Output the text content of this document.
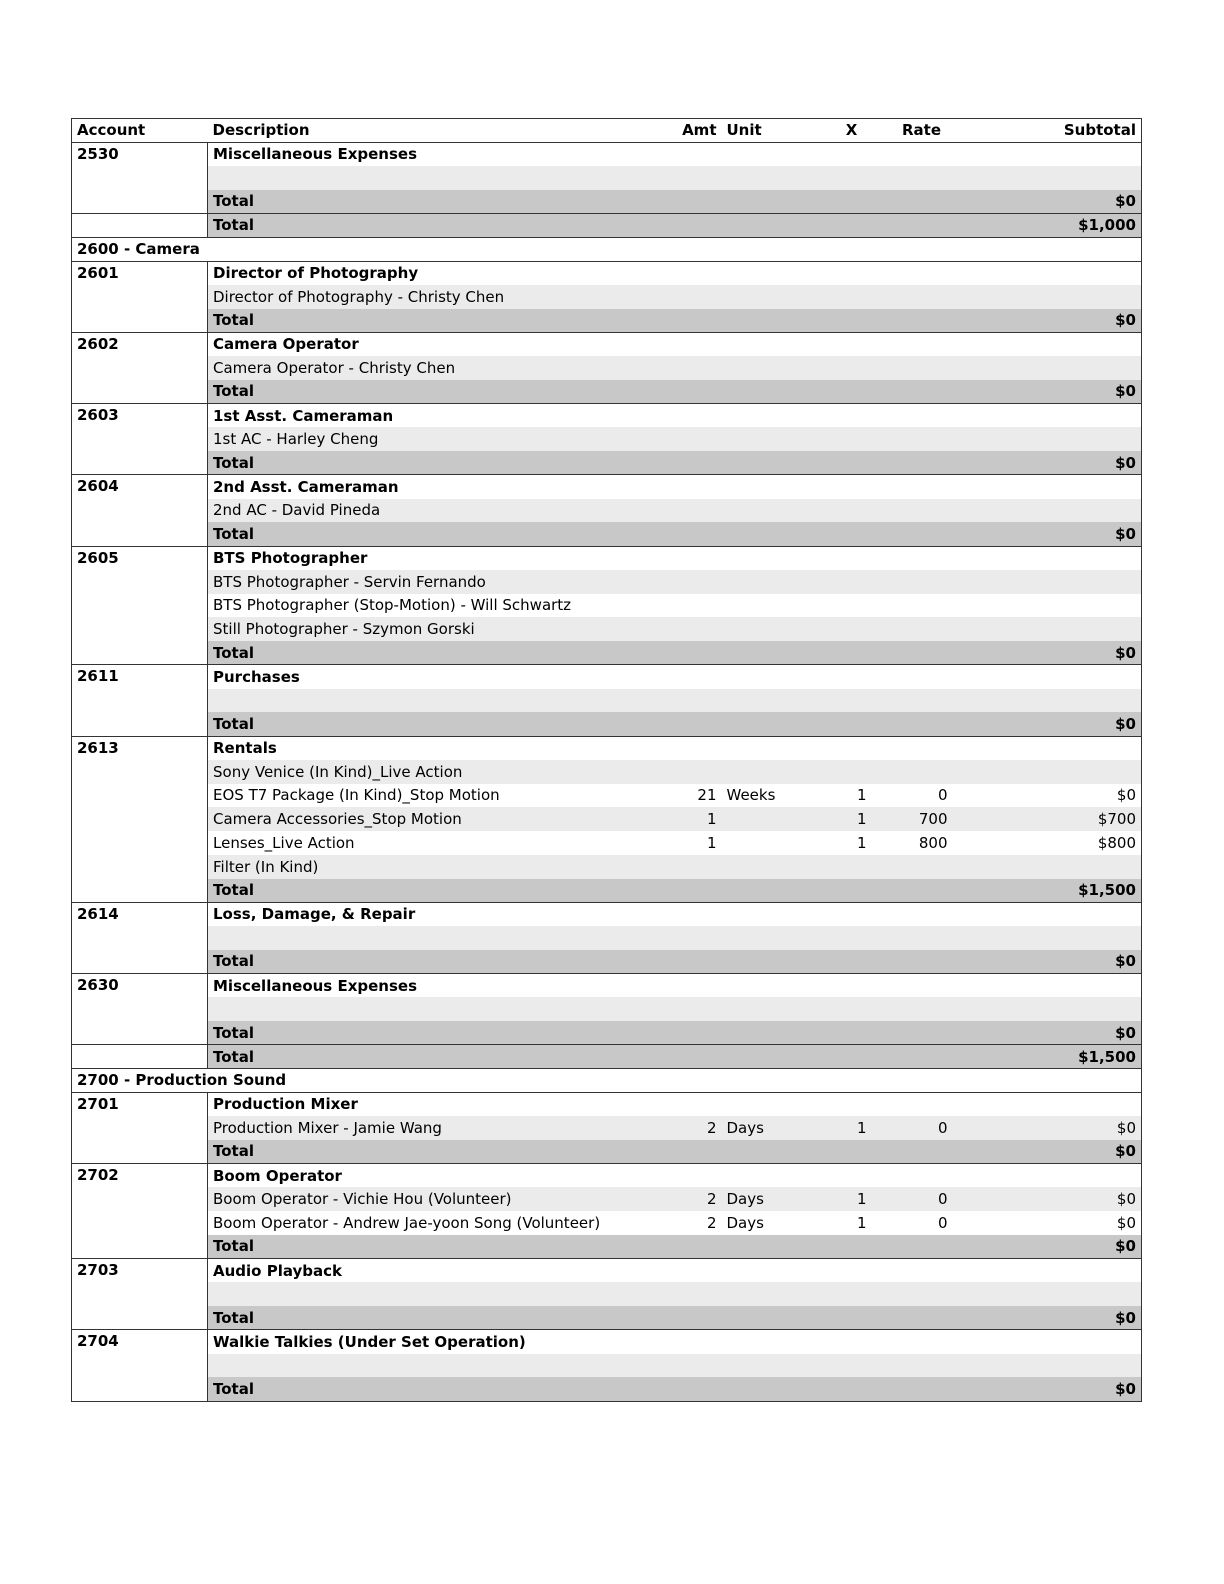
Account	Description	Amt	Unit	X	Rate	Subtotal
2530	Miscellaneous Expenses					

	Total					$0
	Total					$1,000
2600 - Camera						
2601	Director of Photography					
	Director of Photography - Christy Chen					
	Total					$0
2602	Camera Operator					
	Camera Operator - Christy Chen					
	Total					$0
2603	1st Asst. Cameraman					
	1st AC - Harley Cheng					
	Total					$0
2604	2nd Asst. Cameraman					
	2nd AC - David Pineda					
	Total					$0
2605	BTS Photographer					
	BTS Photographer - Servin Fernando					
	BTS Photographer (Stop-Motion) - Will Schwartz					
	Still Photographer - Szymon Gorski					
	Total					$0
2611	Purchases					

	Total					$0
2613	Rentals					
	Sony Venice (In Kind)_Live Action					
	EOS T7 Package (In Kind)_Stop Motion	21	Weeks	1	0	$0
	Camera Accessories_Stop Motion	1		1	700	$700
	Lenses_Live Action	1		1	800	$800
	Filter (In Kind)					
	Total					$1,500
2614	Loss, Damage, & Repair					

	Total					$0
2630	Miscellaneous Expenses					

	Total					$0
	Total					$1,500
2700 - Production Sound						
2701	Production Mixer					
	Production Mixer - Jamie Wang	2	Days	1	0	$0
	Total					$0
2702	Boom Operator					
	Boom Operator - Vichie Hou (Volunteer)	2	Days	1	0	$0
	Boom Operator - Andrew Jae-yoon Song (Volunteer)	2	Days	1	0	$0
	Total					$0
2703	Audio Playback					

	Total					$0
2704	Walkie Talkies (Under Set Operation)					

	Total					$0
